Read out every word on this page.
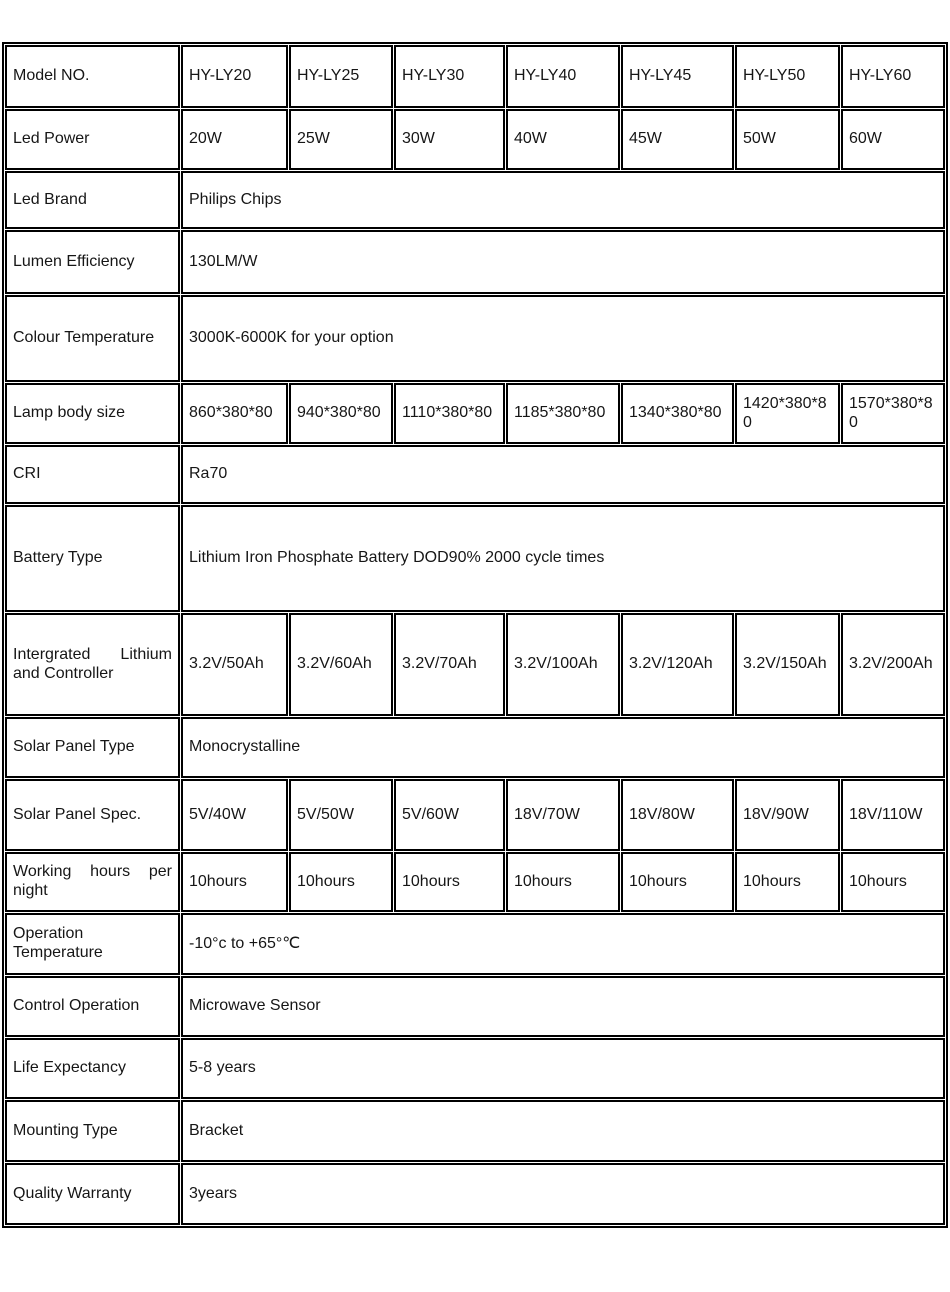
Model NO.	HY-LY20	HY-LY25	HY-LY30	HY-LY40	HY-LY45	HY-LY50	HY-LY60
Led Power	20W	25W	30W	40W	45W	50W	60W
Led Brand	Philips Chips						
Lumen Efficiency	130LM/W						
Colour Temperature	3000K-6000K for your option						
Lamp body size	860*380*80	940*380*80	1110*380*80	1185*380*80	1340*380*80	1420*380*80	1570*380*80
CRI	Ra70						
Battery Type	Lithium Iron Phosphate Battery DOD90% 2000 cycle times						
Intergrated Lithium and Controller	3.2V/50Ah	3.2V/60Ah	3.2V/70Ah	3.2V/100Ah	3.2V/120Ah	3.2V/150Ah	3.2V/200Ah
Solar Panel Type	Monocrystalline						
Solar Panel Spec.	5V/40W	5V/50W	5V/60W	18V/70W	18V/80W	18V/90W	18V/110W
Working hours per night	10hours	10hours	10hours	10hours	10hours	10hours	10hours
Operation Temperature	-10°c to +65°℃						
Control Operation	Microwave Sensor						
Life Expectancy	5-8 years						
Mounting Type	Bracket						
Quality Warranty	3years						
